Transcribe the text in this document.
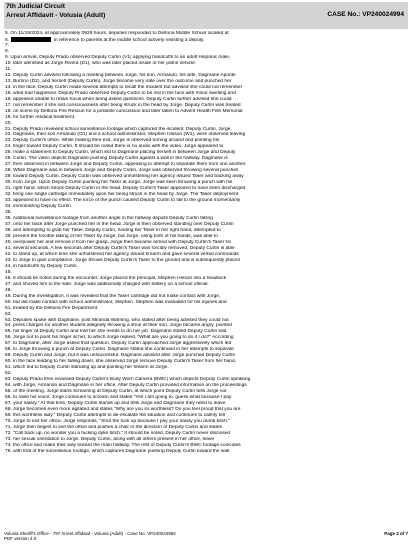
7th Judicial Circuit
Arrest Affidavit - Volusia (Adult)	CASE No.: VP240024994
5. On 11/19/2024, at approximately 0929 hours, deputies responded to Deltona Middle School located at
6.	in reference to parents at the middle school actively resisting a deputy.
7.
8.
9. Upon arrival, Deputy Prado observed Deputy Curtin (V1) applying handcuffs to an adult Hispanic male,
10. later identified as Jorge Rivera (D1), who was later placed inside of her patrol vehicle.
11.
12. Deputy Curtin advised following a meeting between Jorge, his son, Armando, his wife, Dagmarie Aponte
13. Burrino (D2), and herself (Deputy Curtin), Jorge became very irate over the outcome and punched her
14. in the face. Deputy Curtin made several attempts to recall the incident but advised she could not remember
15. what had happened. Deputy Prado observed Deputy Curtin to be red in the face with minor swelling and
16. appeared unable to retain focus when being asked questions. Deputy Curtin further advised she could
17. not remember if she lost consciousness after being struck in the head by Jorge. Deputy Curtin was treated
18. on scene by Deltona Fire Rescue for a possible concussion and later taken to Advent Health Fish Memorial
19. for further medical treatment.
20.
21. Deputy Prado reviewed school surveillance footage which captured the incident. Deputy Curtin, Jorge,
22. Dagmarie, their son Armando (O1) and a school administrator, Stephen Hinson (W1), were observed leaving
23. Deputy Curtin's office. While making their exit, Jorge is observed turning around and pointing his
24. finger toward Deputy Curtin. It should be noted there is no audio with the video. Jorge appeared to
25. make a statement to Deputy Curtin, which led to Dagmarie placing herself in between Jorge and Deputy
26. Curtin. The video depicts Dagmarie pushing Deputy Curtin against a wall in the hallway. Dagmarie is
27. then observed in between Jorge and Deputy Curtin, appearing to attempt to separate them from one another.
28. While Dagmarie was in between Jorge and Deputy Curtin, Jorge was observed throwing several punches
29. toward Deputy Curtin. Deputy Curtin was observed unholstering her agency issued Taser and backing away
30. from Jorge. Upon Deputy Curtin pointing her Taser at Jorge, Jorge was seen throwing a punch with his
31. right hand, which struck Deputy Curtin in the head. Deputy Curtin's Taser appeared to have been discharged
32. firing one single cartridge immediately upon her being struck in the head by Jorge. The Taser deployment
33. appeared to have no effect. The force of the punch caused Deputy Curtin to fall to the ground momentarily
34. immobilizing Deputy Curtin.
35.
36. Additional surveillance footage from another angle in the hallway depicts Deputy Curtin falling
37. onto her back after Jorge punched her in the head. Jorge is then observed standing over Deputy Curtin
38. and attempting to grab her Taser. Deputy Curtin, holding her Taser in her right hand, attempted to
39. prevent the forcible taking of her Taser by Jorge, but Jorge, using both of his hands, was able to
40. overpower her and remove it from her grasp. Jorge then became armed with Deputy Curtin's Taser for
41. several seconds. A few seconds after Deputy Curtin's Taser was forcibly removed, Deputy Curtin is able
42. to stand up, at which time she unholstered her agency issued firearm and gave several verbal commands
43. to Jorge to gain compliance. Jorge throws Deputy Curtin's Taser to the ground and is subsequently placed
44. in handcuffs by Deputy Curtin.
45.
46. It should be noted during the encounter, Jorge placed the principal, Stephen Hinson into a headlock
47. and shoved him to the side. Jorge was additionally charged with battery on a school official.
48.
49. During the investigation, it was revealed that the Taser cartridge did not make contact with Jorge,
50. but did make contact with school administrator, Stephen. Stephen was evaluated for his injuries and
51. treated by the Deltona Fire Department.
52.
53. Deputies spoke with Dagmarie, post Miranda Warning, who stated after being advised they could not
54. press charges for another student allegedly throwing a shoe at their son, Jorge became angry, pointed
55. his finger at Deputy Curtin and told her she needs to do her job. Dagmarie stated Deputy Curtin told
56. Jorge not to point his finger at her, to which Jorge replied, "What are you going to do if I do?" According
57. to Dagmarie, after Jorge asked that question, Deputy Curtin approached Jorge aggressively which led
58. to Jorge throwing a punch at Deputy Curtin. Dagmarie stated she continued in her attempts to separate
59. Deputy Curtin and Jorge, but it was unsuccessful. Dagmarie advised after Jorge punched Deputy Curtin
60. in the face leading to her falling down, she observed Jorge remove Deputy Curtin's Taser from her hand,
61. which led to Deputy Curtin standing up and pointing her firearm at Jorge.
62.
63. Deputy Prado then reviewed Deputy Curtin's Body Worn Camera (BWC) which depicts Deputy Curtin speaking
64. with Jorge, Armando and Dagmarie in her office. After Deputy Curtin provided information on the proceedings
65. of the meeting, Jorge starts screaming at Deputy Curtin, at which point Deputy Curtin tells Jorge not
66. to raise his voice. Jorge continues to scream and states "Yes I am going to, guess what because I pay
67. your salary." At that time, Deputy Curtin stands up and tells Jorge and Dagmarie they need to leave.
68. Jorge becomes even more agitated and states "Why are you so worthless? Do you feel proud that you are
69. this worthless lady." Deputy Curtin attempts to de-escalate the situation and continues to calmly tell
70. Jorge to exit her office. Jorge responds, "Shut the fuck up because I pay your salary you dumb bitch."
71. Jorge then begins to exit the office and pushes a chair in the direction of Deputy Curtin and states
72. "Call back up, no wonder you a fucking dyke bitch." It should be noted, Deputy Curtin never disclosed
73. her sexual orientation to Jorge. Deputy Curtin, along with all others present in her office, leave
74. the office and make their way toward the main hallway. The rest of Deputy Curtin's BWC footage coincides
75. with that of the surveillance footage, which captures Dagmarie pushing Deputy Curtin toward the wall
Volusia Sheriff's Office - 797 Arrest Affidavit - Volusia (Adult) - Case No. VP240024994
PDF version 4.0
Page 2 of 7
